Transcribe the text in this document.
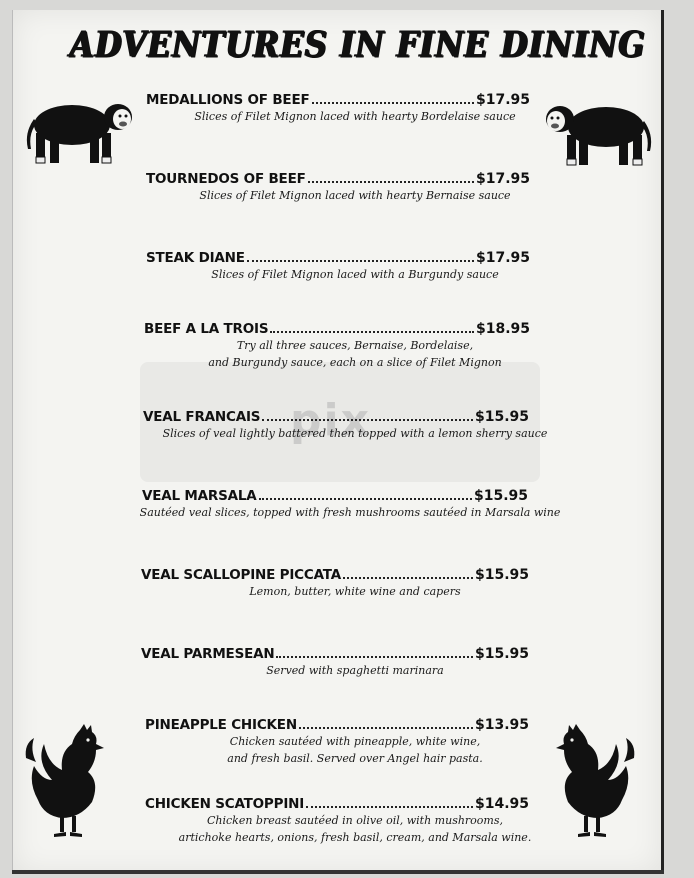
pix
ADVENTURES IN FINE DINING
MEDALLIONS OF BEEF	$17.95
Slices of Filet Mignon laced with hearty Bordelaise sauce
TOURNEDOS OF BEEF	$17.95
Slices of Filet Mignon laced with hearty Bernaise sauce
STEAK DIANE	$17.95
Slices of Filet Mignon laced with a Burgundy sauce
BEEF A LA TROIS	$18.95
Try all three sauces, Bernaise, Bordelaise,
and Burgundy sauce, each on a slice of Filet Mignon
VEAL FRANCAIS	$15.95
Slices of veal lightly battered then topped with a lemon sherry sauce
VEAL MARSALA	$15.95
Sautéed veal slices, topped with fresh mushrooms sautéed in Marsala wine
VEAL SCALLOPINE PICCATA	$15.95
Lemon, butter, white wine and capers
VEAL PARMESEAN	$15.95
Served with spaghetti marinara
PINEAPPLE CHICKEN	$13.95
Chicken sautéed with pineapple, white wine,
and fresh basil. Served over Angel hair pasta.
CHICKEN SCATOPPINI	$14.95
Chicken breast sautéed in olive oil, with mushrooms,
artichoke hearts, onions, fresh basil, cream, and Marsala wine.
